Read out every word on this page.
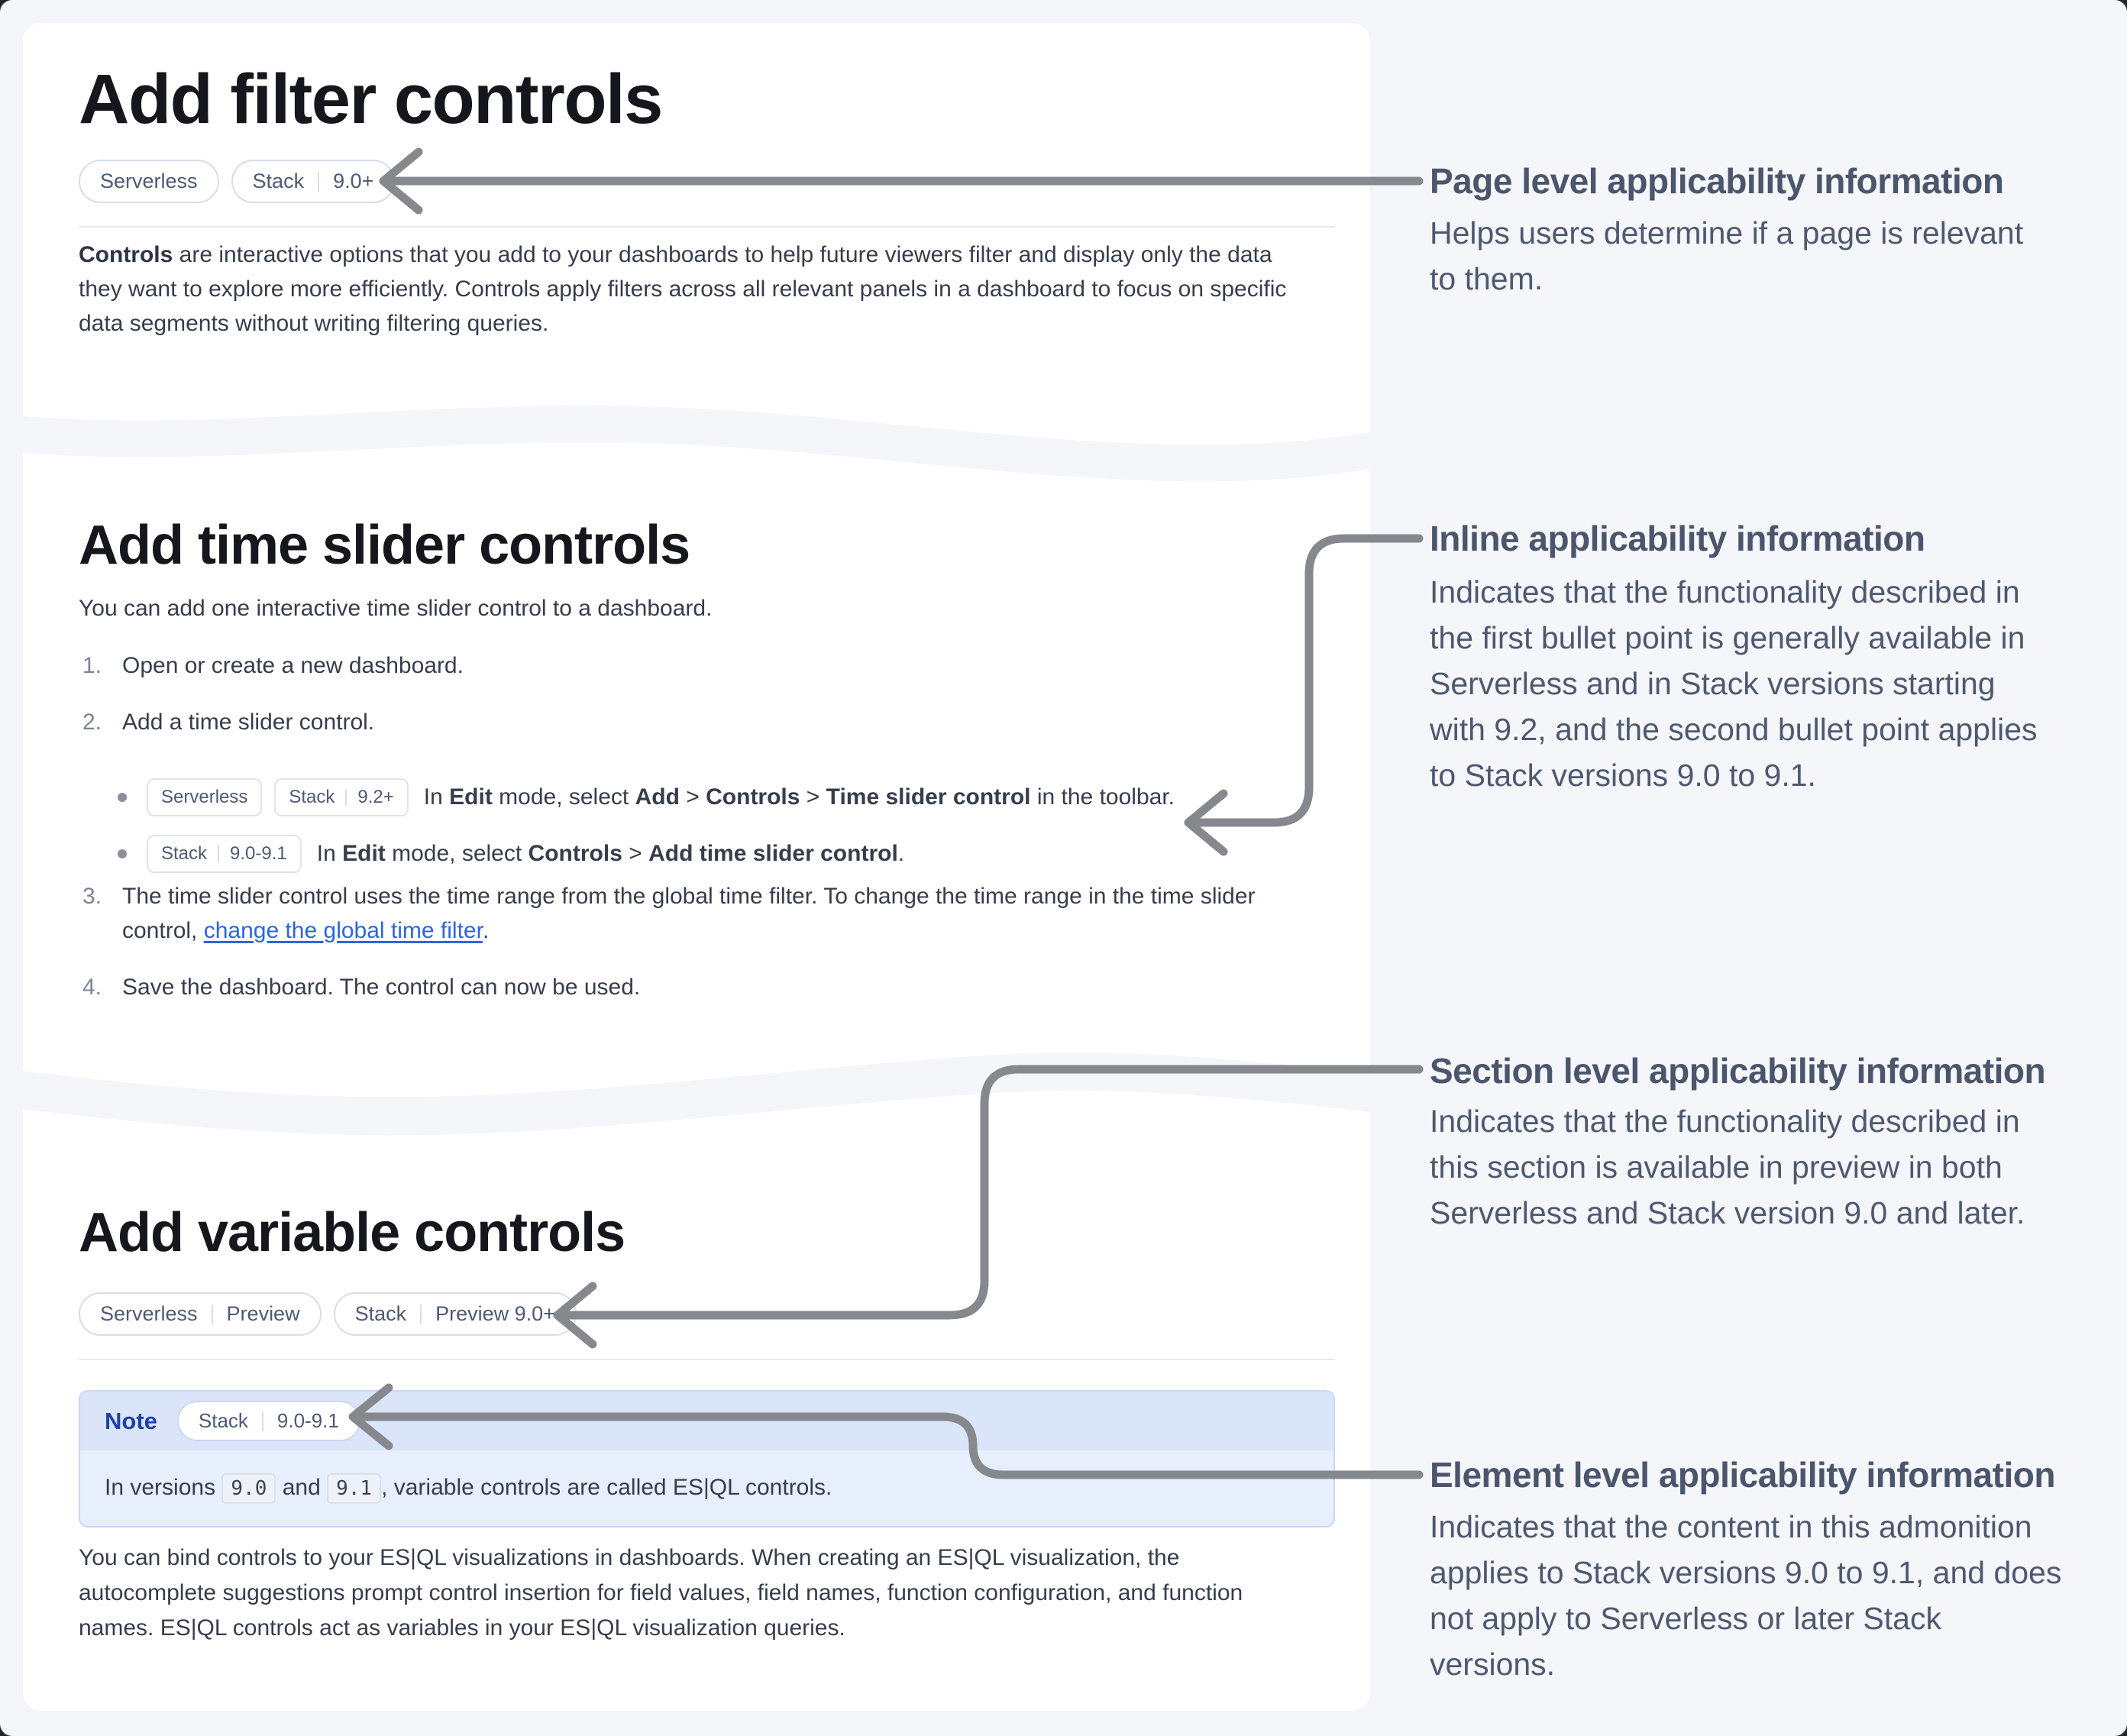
Add filter controls
Serverless	Stack 9.0+
Controls are interactive options that you add to your dashboards to help future viewers filter and display only the data they want to explore more efficiently. Controls apply filters across all relevant panels in a dashboard to focus on specific data segments without writing filtering queries.
Add time slider controls
You can add one interactive time slider control to a dashboard.
1. Open or create a new dashboard.
2. Add a time slider control.
Serverless Stack 9.2+ In Edit mode, select Add > Controls > Time slider control in the toolbar.
Stack 9.0-9.1 In Edit mode, select Controls > Add time slider control.
3. The time slider control uses the time range from the global time filter. To change the time range in the time slider control, change the global time filter.
4. Save the dashboard. The control can now be used.
Add variable controls
Serverless Preview	Stack Preview 9.0+
Note Stack 9.0-9.1
In versions 9.0 and 9.1 , variable controls are called ES|QL controls.
You can bind controls to your ES|QL visualizations in dashboards. When creating an ES|QL visualization, the autocomplete suggestions prompt control insertion for field values, field names, function configuration, and function names. ES|QL controls act as variables in your ES|QL visualization queries.
Page level applicability information
Helps users determine if a page is relevant
to them.
Inline applicability information
Indicates that the functionality described in
the first bullet point is generally available in
Serverless and in Stack versions starting
with 9.2, and the second bullet point applies
to Stack versions 9.0 to 9.1.
Section level applicability information
Indicates that the functionality described in
this section is available in preview in both
Serverless and Stack version 9.0 and later.
Element level applicability information
Indicates that the content in this admonition
applies to Stack versions 9.0 to 9.1, and does
not apply to Serverless or later Stack
versions.
